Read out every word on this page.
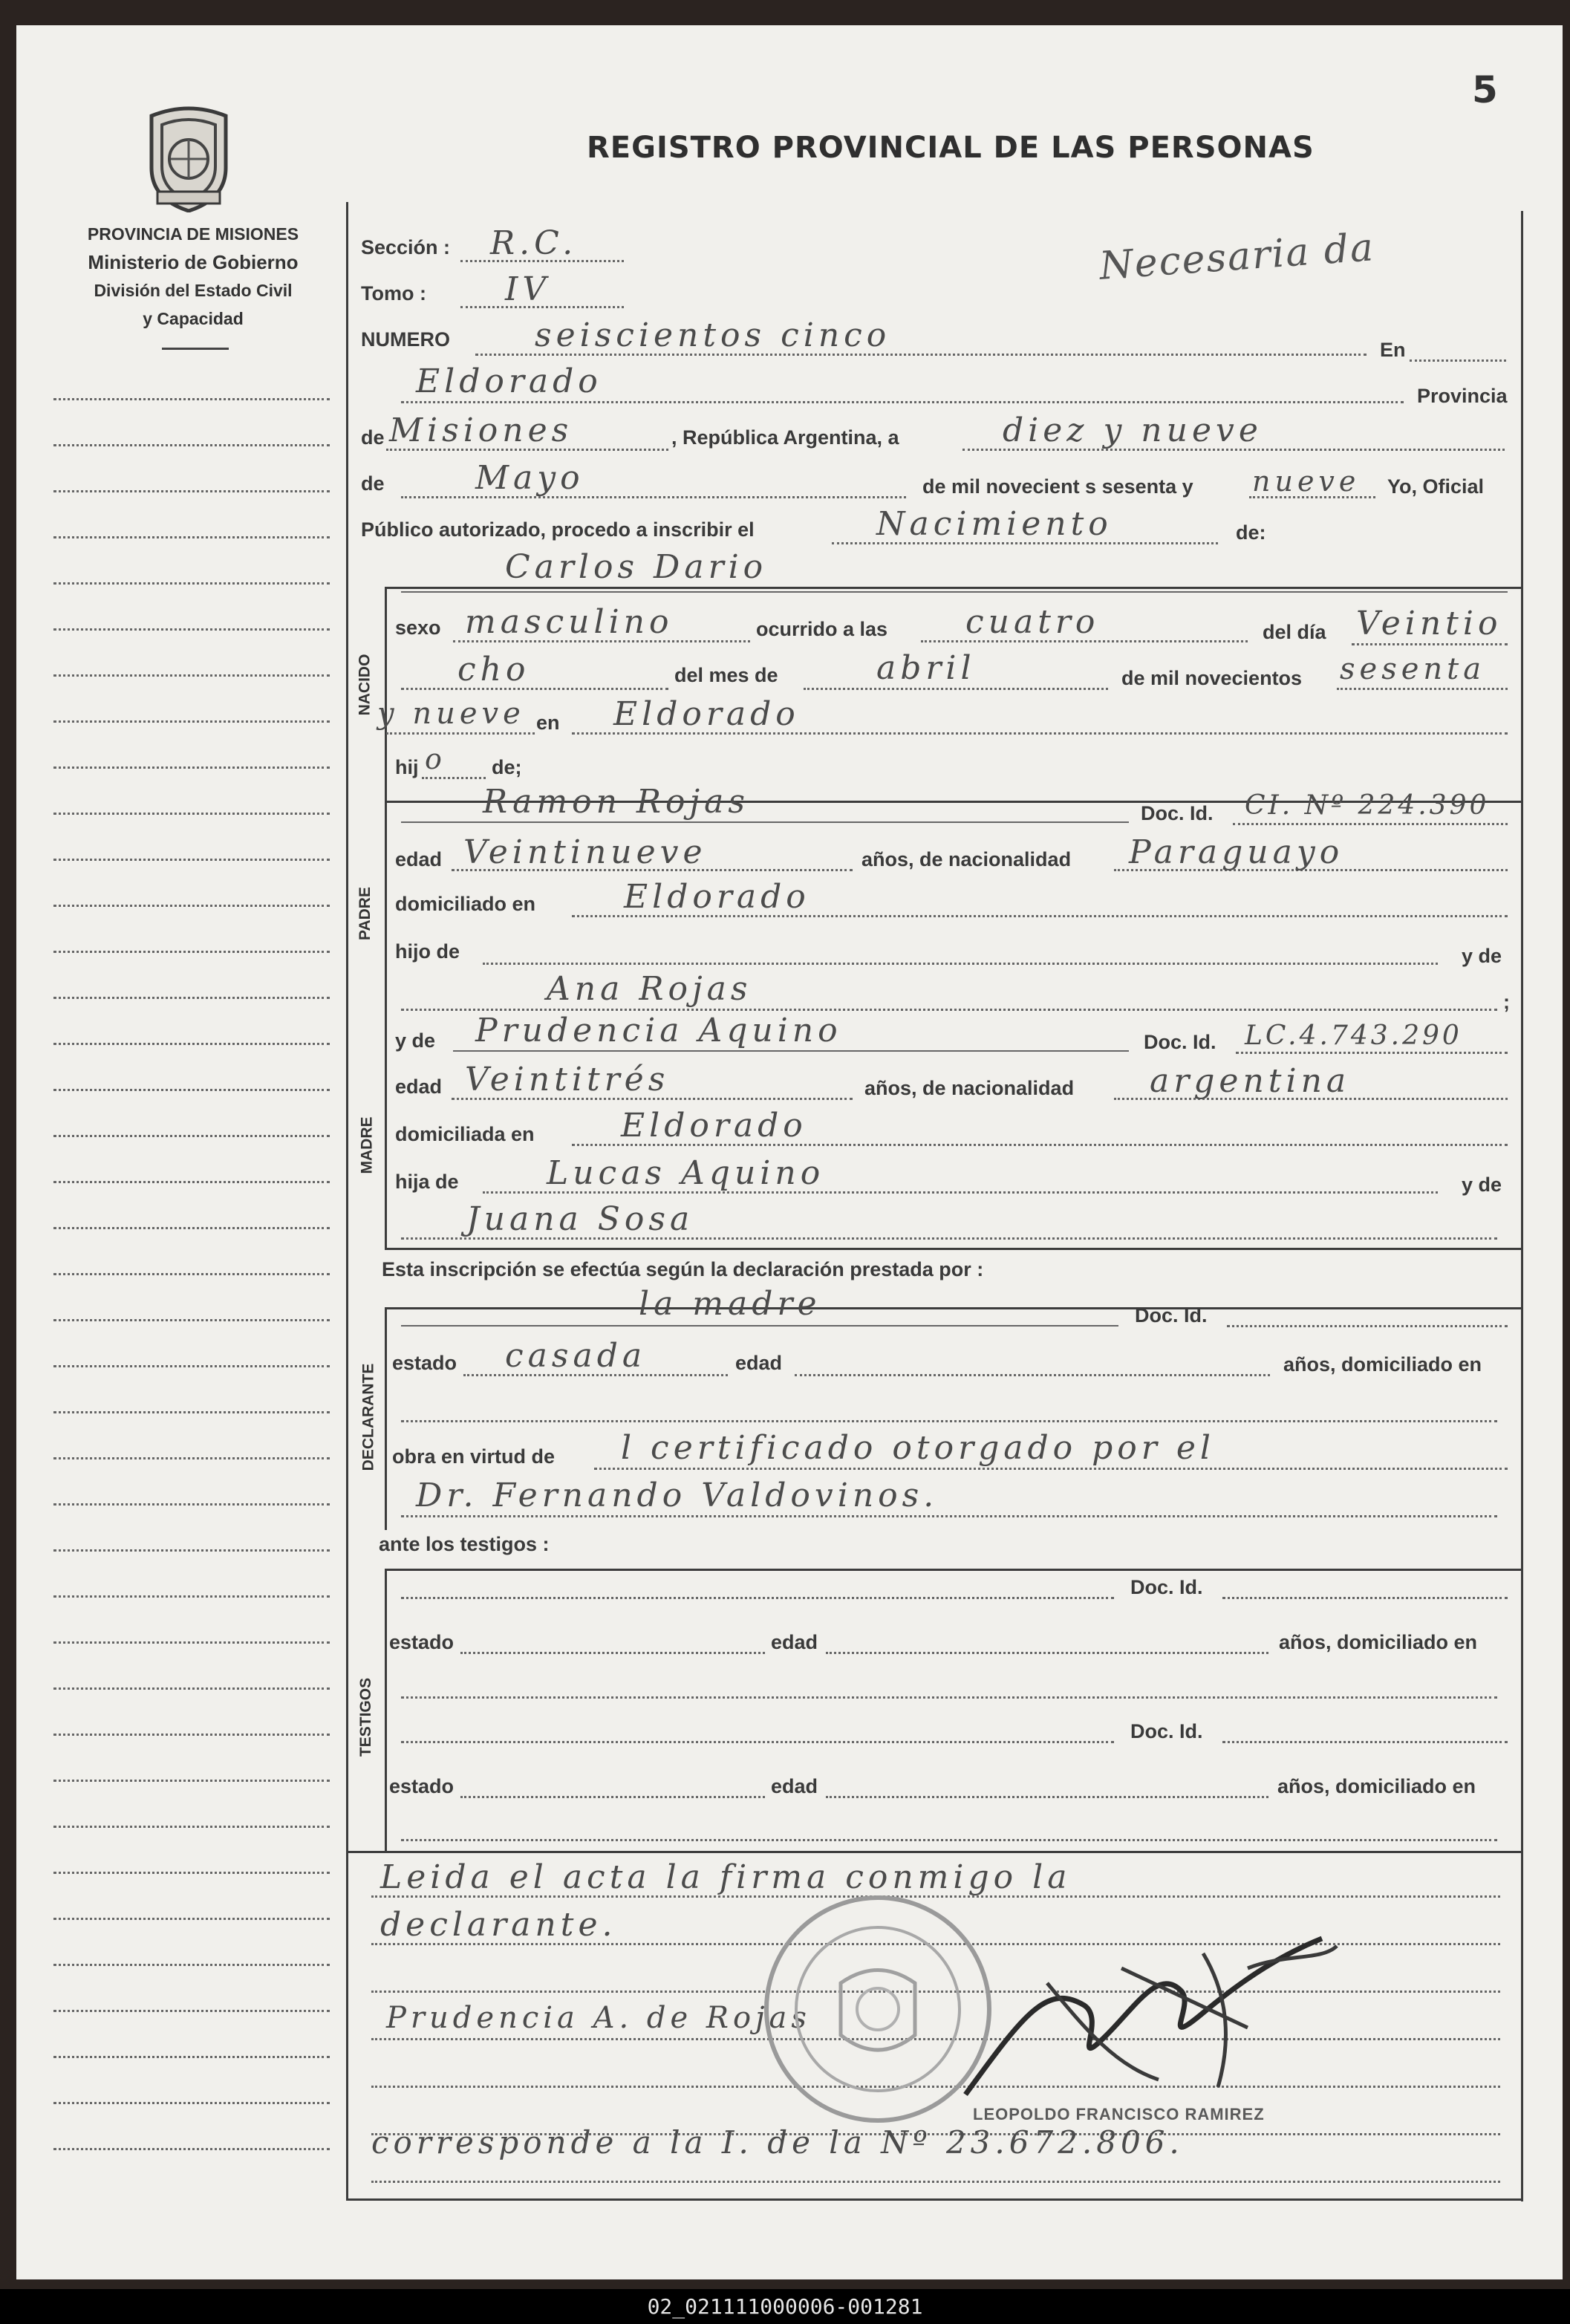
5
REGISTRO PROVINCIAL DE LAS PERSONAS
PROVINCIA DE MISIONES
Ministerio de Gobierno
División del Estado Civil
y Capacidad
NACIDO
PADRE
MADRE
DECLARANTE
TESTIGOS
Sección : R.C.
Tomo : IV
Necesaria da
NUMERO	seiscientos cinco	En
Eldorado	Provincia
de Misiones	, República Argentina, a	diez y nueve
de	Mayo	de mil novecient s sesenta y nueve Yo, Oficial
Público autorizado, procedo a inscribir el	Nacimiento	de:
Carlos Dario
sexo masculino	ocurrido a las cuatro	del día Veintio
cho	del mes de	abril	de mil novecientos sesenta
y nueve en Eldorado
hij o de;
Ramon Rojas	Doc. Id. CI. Nº 224.390
edad Veintinueve	años, de nacionalidad Paraguayo
domiciliado en	Eldorado
hijo de	y de
Ana Rojas	;
y de Prudencia Aquino	Doc. Id. LC.4.743.290
edad Veintitrés	años, de nacionalidad argentina
domiciliada en	Eldorado
hija de	Lucas Aquino	y de
Juana Sosa
Esta inscripción se efectúa según la declaración prestada por :
la madre	Doc. Id.
estado casada	edad	años, domiciliado en
obra en virtud de l certificado otorgado por el
Dr. Fernando Valdovinos.
ante los testigos :
Doc. Id.
estado	edad	años, domiciliado en
Doc. Id.
estado	edad	años, domiciliado en
Leida el acta la firma conmigo la
declarante.
Prudencia A. de Rojas
LEOPOLDO FRANCISCO RAMIREZ
corresponde a la I. de la Nº 23.672.806.
02_021111000006-001281
